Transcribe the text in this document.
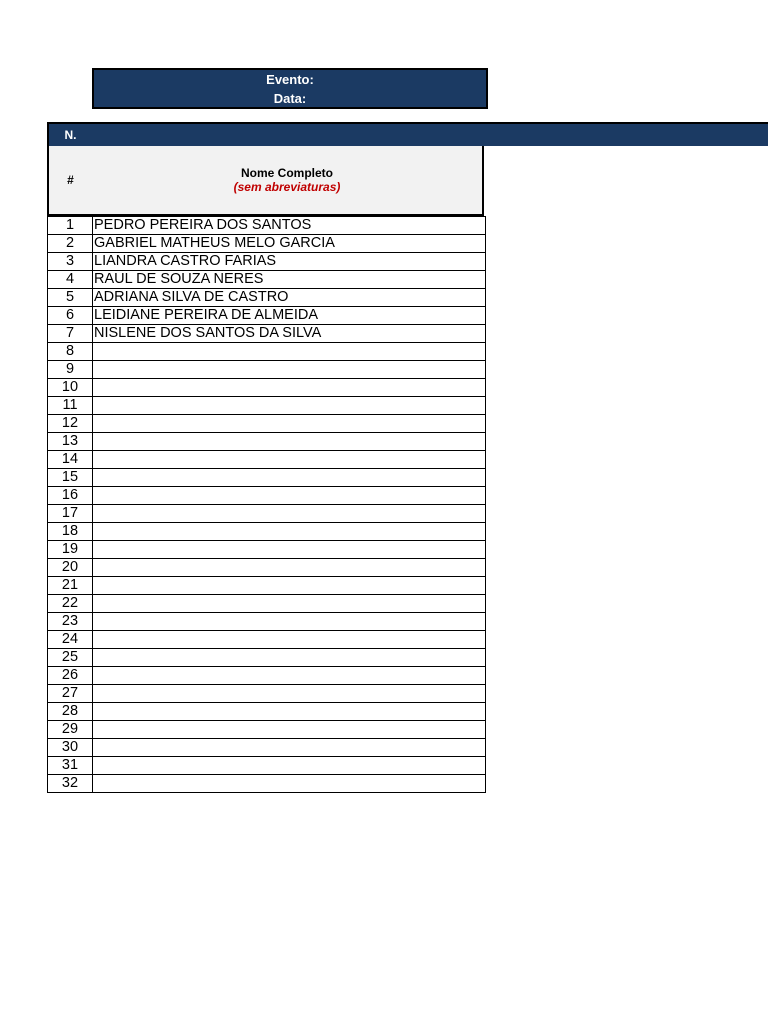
Evento:
Data:
N.
#	Nome Completo
(sem abreviaturas)
1	PEDRO PEREIRA DOS SANTOS
2	GABRIEL MATHEUS MELO GARCIA
3	LIANDRA CASTRO FARIAS
4	RAUL DE SOUZA NERES
5	ADRIANA SILVA DE CASTRO
6	LEIDIANE PEREIRA DE ALMEIDA
7	NISLENE DOS SANTOS DA SILVA
8	
9	
10	
11	
12	
13	
14	
15	
16	
17	
18	
19	
20	
21	
22	
23	
24	
25	
26	
27	
28	
29	
30	
31	
32	
